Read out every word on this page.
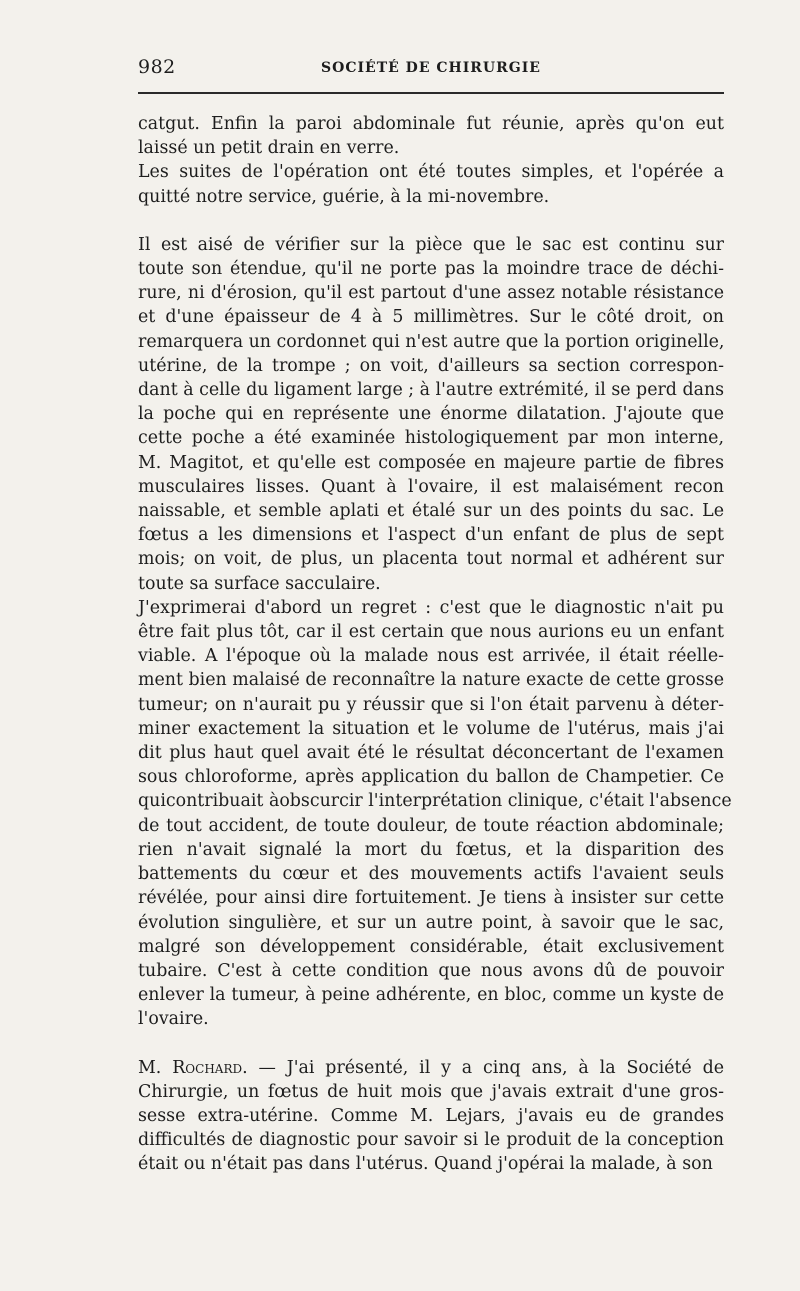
982	SOCIÉTÉ DE CHIRURGIE

catgut. Enfin la paroi abdominale fut réunie, après qu'on eut
laissé un petit drain en verre.

Les suites de l'opération ont été toutes simples, et l'opérée a
quitté notre service, guérie, à la mi-novembre.

Il est aisé de vérifier sur la pièce que le sac est continu sur
toute son étendue, qu'il ne porte pas la moindre trace de déchi-
rure, ni d'érosion, qu'il est partout d'une assez notable résistance
et d'une épaisseur de 4 à 5 millimètres. Sur le côté droit, on
remarquera un cordonnet qui n'est autre que la portion originelle,
utérine, de la trompe ; on voit, d'ailleurs sa section correspon-
dant à celle du ligament large ; à l'autre extrémité, il se perd dans
la poche qui en représente une énorme dilatation. J'ajoute que
cette poche a été examinée histologiquement par mon interne,
M. Magitot, et qu'elle est composée en majeure partie de fibres
musculaires lisses. Quant à l'ovaire, il est malaisément recon
naissable, et semble aplati et étalé sur un des points du sac. Le
fœtus a les dimensions et l'aspect d'un enfant de plus de sept
mois; on voit, de plus, un placenta tout normal et adhérent sur
toute sa surface sacculaire.

J'exprimerai d'abord un regret : c'est que le diagnostic n'ait pu
être fait plus tôt, car il est certain que nous aurions eu un enfant
viable. A l'époque où la malade nous est arrivée, il était réelle-
ment bien malaisé de reconnaître la nature exacte de cette grosse
tumeur; on n'aurait pu y réussir que si l'on était parvenu à déter-
miner exactement la situation et le volume de l'utérus, mais j'ai
dit plus haut quel avait été le résultat déconcertant de l'examen
sous chloroforme, après application du ballon de Champetier. Ce
quicontribuait àobscurcir l'interprétation clinique, c'était l'absence
de tout accident, de toute douleur, de toute réaction abdominale;
rien n'avait signalé la mort du fœtus, et la disparition des
battements du cœur et des mouvements actifs l'avaient seuls
révélée, pour ainsi dire fortuitement. Je tiens à insister sur cette
évolution singulière, et sur un autre point, à savoir que le sac,
malgré son développement considérable, était exclusivement
tubaire. C'est à cette condition que nous avons dû de pouvoir
enlever la tumeur, à peine adhérente, en bloc, comme un kyste de
l'ovaire.

M. Rochard. — J'ai présenté, il y a cinq ans, à la Société de
Chirurgie, un fœtus de huit mois que j'avais extrait d'une gros-
sesse extra-utérine. Comme M. Lejars, j'avais eu de grandes
difficultés de diagnostic pour savoir si le produit de la conception
était ou n'était pas dans l'utérus. Quand j'opérai la malade, à son
